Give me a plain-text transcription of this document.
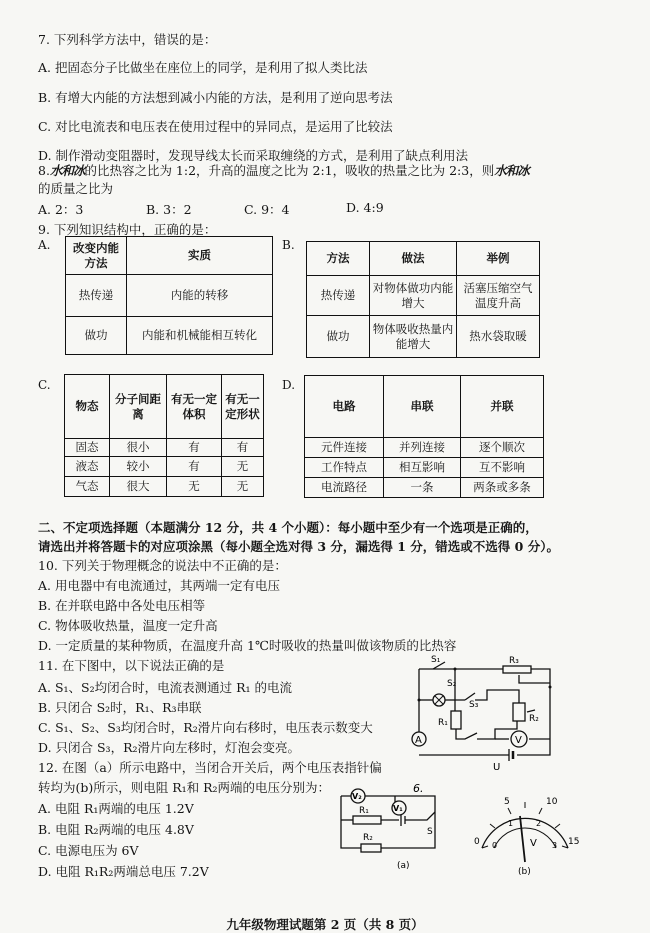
7. 下列科学方法中，错误的是：
A. 把固态分子比做坐在座位上的同学，是利用了拟人类比法
B. 有增大内能的方法想到减小内能的方法，是利用了逆向思考法
C. 对比电流表和电压表在使用过程中的异同点，是运用了比较法
D. 制作滑动变阻器时，发现导线太长而采取缠绕的方式，是利用了缺点利用法
8.水和冰的比热容之比为 1:2，升高的温度之比为 2:1，吸收的热量之比为 2:3，则水和冰
的质量之比为
A. 2：3	B. 3：2	C. 9：4	D. 4:9
9. 下列知识结构中，正确的是：
A. 改变内能方法	实质
热传递	内能的转移
做功	内能和机械能相互转化
B.
方法	做法	举例
热传递	对物体做功内能增大	活塞压缩空气温度升高
做功	物体吸收热量内能增大	热水袋取暖
C.
物态	分子间距离	有无一定体积	有无一定形状
固态	很小	有	有
液态	较小	有	无
气态	很大	无	无
D.
电路	串联	并联
元件连接	并列连接	逐个顺次
工作特点	相互影响	互不影响
电流路径	一条	两条或多条
二、不定项选择题（本题满分 12 分，共 4 个小题）：每小题中至少有一个选项是正确的，
请选出并将答题卡的对应项涂黑（每小题全选对得 3 分，漏选得 1 分，错选或不选得 0 分）。
10. 下列关于物理概念的说法中不正确的是：
A. 用电器中有电流通过，其两端一定有电压
B. 在并联电路中各处电压相等
C. 物体吸收热量，温度一定升高
D. 一定质量的某种物质，在温度升高 1℃时吸收的热量叫做该物质的比热容
11. 在下图中，以下说法正确的是
A. S₁、S₂均闭合时，电流表测通过 R₁ 的电流
B. 只闭合 S₂时，R₁、R₃串联
C. S₁、S₂、S₃均闭合时，R₂滑片向右移时，电压表示数变大
D. 只闭合 S₃，R₂滑片向左移时，灯泡会变亮。	A	V
S₁
S₂
S₃
R₃
R₂
R₁
U
12. 在图（a）所示电路中，当闭合开关后，两个电压表指针偏
转均为(b)所示，则电阻 R₁和 R₂两端的电压分别为：
A. 电阻 R₁两端的电压 1.2V
B. 电阻 R₂两端的电压 4.8V
C. 电源电压为 6V
D. 电阻 R₁R₂两端总电压 7.2V
V₂
V₁
R₁
R₂
S
6.
(a)
0
5	10
15
0
1	2
3
V
(b)
九年级物理试题第 2 页（共 8 页）
